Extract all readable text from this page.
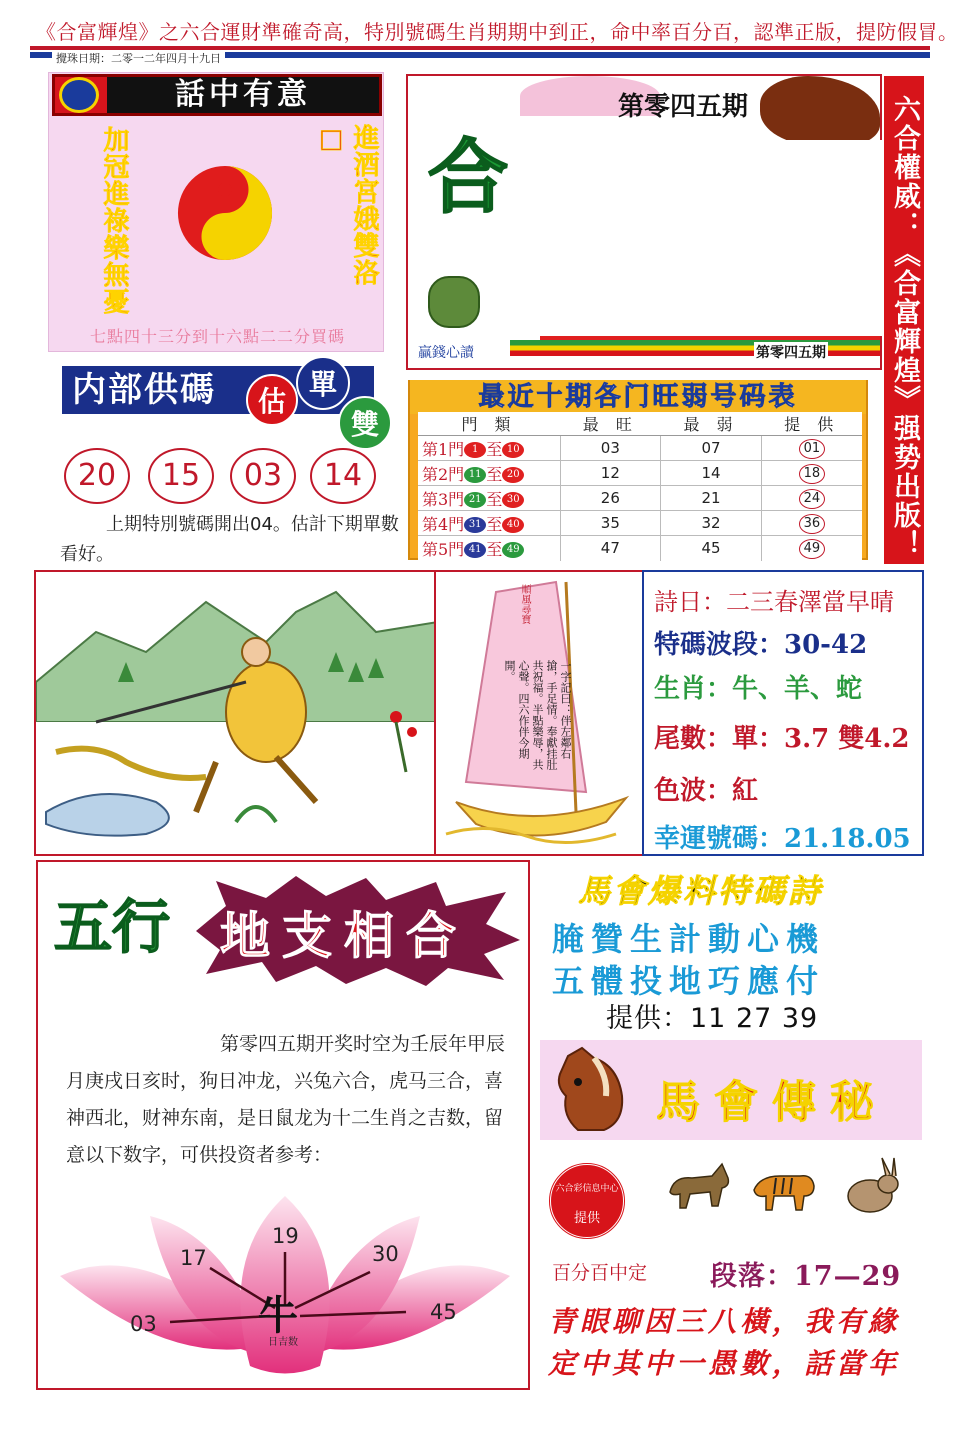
《合富輝煌》之六合運財準確奇高，特別號碼生肖期期中到正，命中率百分百，認準正版，提防假冒。
攪珠日期：二零一二年四月十九日
話中有意
加冠進祿樂無憂	進酒宮娥雙洛□
七點四十三分到十六點二二分買碼
内部供碼	估
單
雙
20	15	03	14
上期特別號碼開出04。估計下期單數看好。
第零四五期
合
第零四五期
贏錢心讀	六合權威：《合富輝煌》强势出版！
最近十期各门旺弱号码表
門 類	最 旺	最 弱	提 供
第1門 1 至 10	03	07	01
第2門 11 至 20	12	14	18
第3門 21 至 30	26	21	24
第4門 31 至 40	35	32	36
第5門 41 至 49	47	45	49
順風尋寶
一字記曰：伴左鄰右搶，手足情。奉獻挂肚共祝福。半點樂辱，共心聲。四六作伴今期開。
詩日：二三春澤當早晴
特碼波段：30-42
生肖：牛、羊、蛇
尾數：單：3.7 雙4.2
色波：紅
幸運號碼：21.18.05
五行 地支相合
第零四五期开奖时空为壬辰年甲辰月庚戌日亥时，狗日冲龙，兴兔六合，虎马三合，喜神西北，财神东南，是日鼠龙为十二生肖之吉数，留意以下数字，可供投资者参考：
19
17	30
03	45
牛
日吉数
馬會爆料特碼詩
腌贊生計動心機
五體投地巧應付
提供：11 27 39
馬會傳秘
六合彩信息中心
提供
百分百中定 段落：17—29
青眼聊因三八橫，我有緣
定中其中一愚數，話當年
